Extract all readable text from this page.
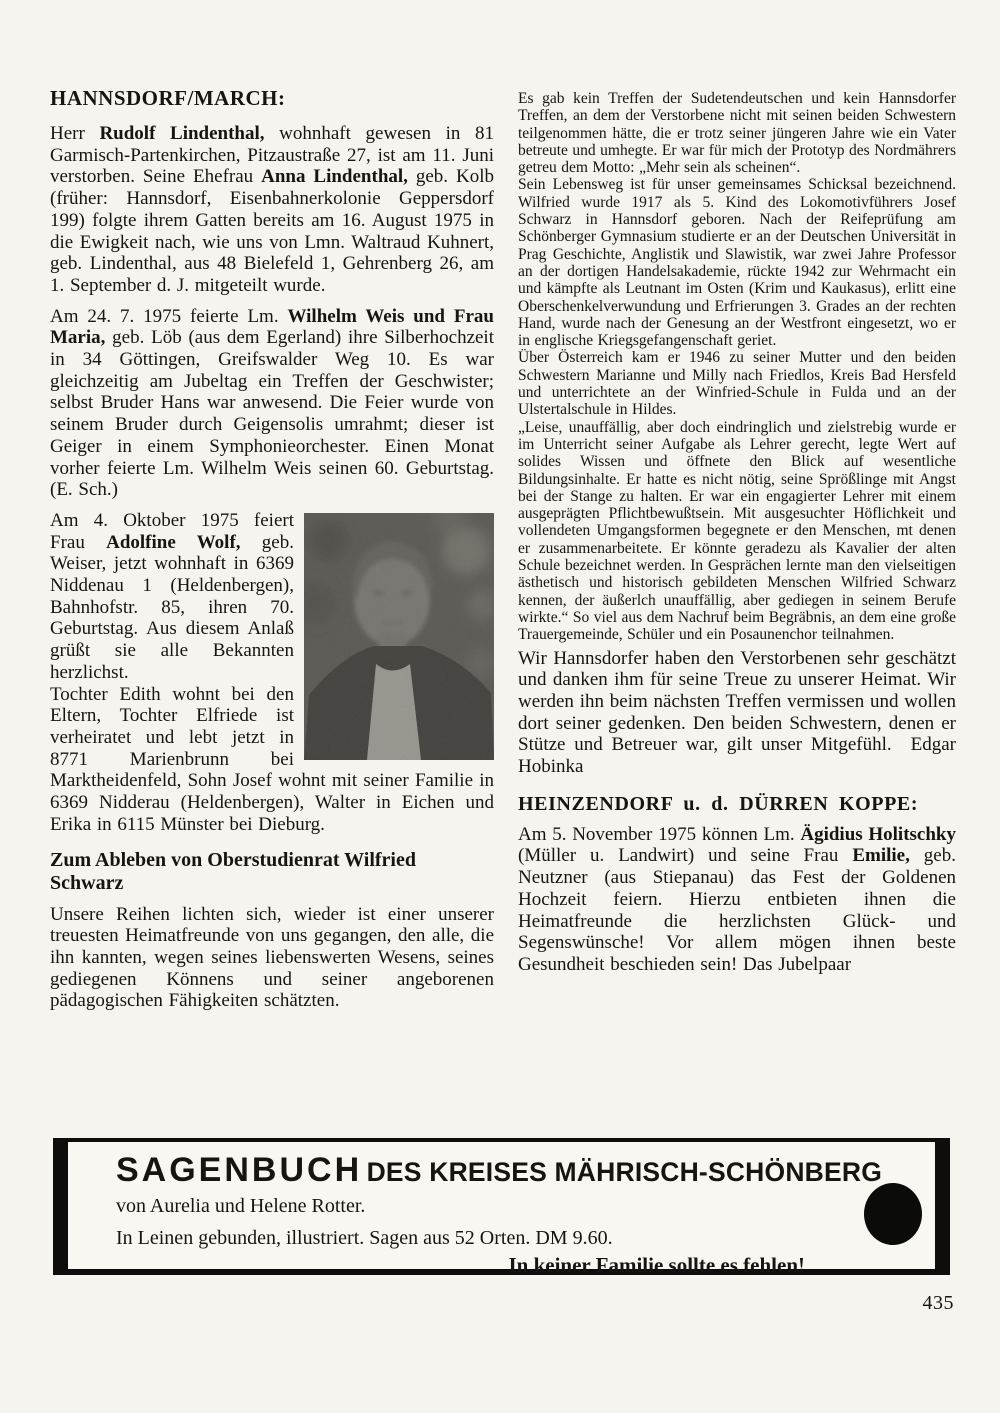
HANNSDORF/MARCH:

Herr Rudolf Lindenthal, wohnhaft gewesen in 81 Garmisch-Partenkirchen, Pitzaustraße 27, ist am 11. Juni verstorben. Seine Ehefrau Anna Lindenthal, geb. Kolb (früher: Hannsdorf, Eisenbahnerkolonie Geppersdorf 199) folgte ihrem Gatten bereits am 16. August 1975 in die Ewigkeit nach, wie uns von Lmn. Waltraud Kuhnert, geb. Lindenthal, aus 48 Bielefeld 1, Gehrenberg 26, am 1. September d. J. mitgeteilt wurde.

Am 24. 7. 1975 feierte Lm. Wilhelm Weis und Frau Maria, geb. Löb (aus dem Egerland) ihre Silberhochzeit in 34 Göttingen, Greifswalder Weg 10. Es war gleichzeitig am Jubeltag ein Treffen der Geschwister; selbst Bruder Hans war anwesend. Die Feier wurde von seinem Bruder durch Geigensolis umrahmt; dieser ist Geiger in einem Symphonieorchester. Einen Monat vorher feierte Lm. Wilhelm Weis seinen 60. Geburtstag. (E. Sch.)

Am 4. Oktober 1975 feiert Frau Adolfine Wolf, geb. Weiser, jetzt wohnhaft in 6369 Niddenau 1 (Heldenbergen), Bahnhofstr. 85, ihren 70. Geburtstag. Aus diesem Anlaß grüßt sie alle Bekannten herzlichst.
Tochter Edith wohnt bei den Eltern, Tochter Elfriede ist verheiratet und lebt jetzt in 8771 Marienbrunn bei Marktheidenfeld, Sohn Josef wohnt mit seiner Familie in 6369 Nidderau (Heldenbergen), Walter in Eichen und Erika in 6115 Münster bei Dieburg.

Zum Ableben von Oberstudienrat Wilfried Schwarz

Unsere Reihen lichten sich, wieder ist einer unserer treuesten Heimatfreunde von uns gegangen, den alle, die ihn kannten, wegen seines liebenswerten Wesens, seines gediegenen Könnens und seiner angeborenen pädagogischen Fähigkeiten schätzten.

Es gab kein Treffen der Sudetendeutschen und kein Hannsdorfer Treffen, an dem der Verstorbene nicht mit seinen beiden Schwestern teilgenommen hätte, die er trotz seiner jüngeren Jahre wie ein Vater betreute und umhegte. Er war für mich der Prototyp des Nordmährers getreu dem Motto: „Mehr sein als scheinen“.

Sein Lebensweg ist für unser gemeinsames Schicksal bezeichnend. Wilfried wurde 1917 als 5. Kind des Lokomotivführers Josef Schwarz in Hannsdorf geboren. Nach der Reifeprüfung am Schönberger Gymnasium studierte er an der Deutschen Universität in Prag Geschichte, Anglistik und Slawistik, war zwei Jahre Professor an der dortigen Handelsakademie, rückte 1942 zur Wehrmacht ein und kämpfte als Leutnant im Osten (Krim und Kaukasus), erlitt eine Oberschenkelverwundung und Erfrierungen 3. Grades an der rechten Hand, wurde nach der Genesung an der Westfront eingesetzt, wo er in englische Kriegsgefangenschaft geriet.

Über Österreich kam er 1946 zu seiner Mutter und den beiden Schwestern Marianne und Milly nach Friedlos, Kreis Bad Hersfeld und unterrichtete an der Winfried-Schule in Fulda und an der Ulstertalschule in Hildes.

„Leise, unauffällig, aber doch eindringlich und zielstrebig wurde er im Unterricht seiner Aufgabe als Lehrer gerecht, legte Wert auf solides Wissen und öffnete den Blick auf wesentliche Bildungsinhalte. Er hatte es nicht nötig, seine Sprößlinge mit Angst bei der Stange zu halten. Er war ein engagierter Lehrer mit einem ausgeprägten Pflichtbewußtsein. Mit ausgesuchter Höflichkeit und vollendeten Umgangsformen begegnete er den Menschen, mt denen er zusammenarbeitete. Er könnte geradezu als Kavalier der alten Schule bezeichnet werden. In Gesprächen lernte man den vielseitigen ästhetisch und historisch gebildeten Menschen Wilfried Schwarz kennen, der äußerlch unauffällig, aber gediegen in seinem Berufe wirkte.“ So viel aus dem Nachruf beim Begräbnis, an dem eine große Trauergemeinde, Schüler und ein Posaunenchor teilnahmen.

Wir Hannsdorfer haben den Verstorbenen sehr geschätzt und danken ihm für seine Treue zu unserer Heimat. Wir werden ihn beim nächsten Treffen vermissen und wollen dort seiner gedenken. Den beiden Schwestern, denen er Stütze und Betreuer war, gilt unser Mitgefühl.  Edgar Hobinka

HEINZENDORF u. d. DÜRREN KOPPE:

Am 5. November 1975 können Lm. Ägidius Holitschky (Müller u. Landwirt) und seine Frau Emilie, geb. Neutzner (aus Stiepanau) das Fest der Goldenen Hochzeit feiern. Hierzu entbieten ihnen die Heimatfreunde die herzlichsten Glück- und Segenswünsche! Vor allem mögen ihnen beste Gesundheit beschieden sein! Das Jubelpaar

SAGENBUCH DES KREISES MÄHRISCH-SCHÖNBERG
von Aurelia und Helene Rotter.
In Leinen gebunden, illustriert. Sagen aus 52 Orten. DM 9.60.
In keiner Familie sollte es fehlen!
435
